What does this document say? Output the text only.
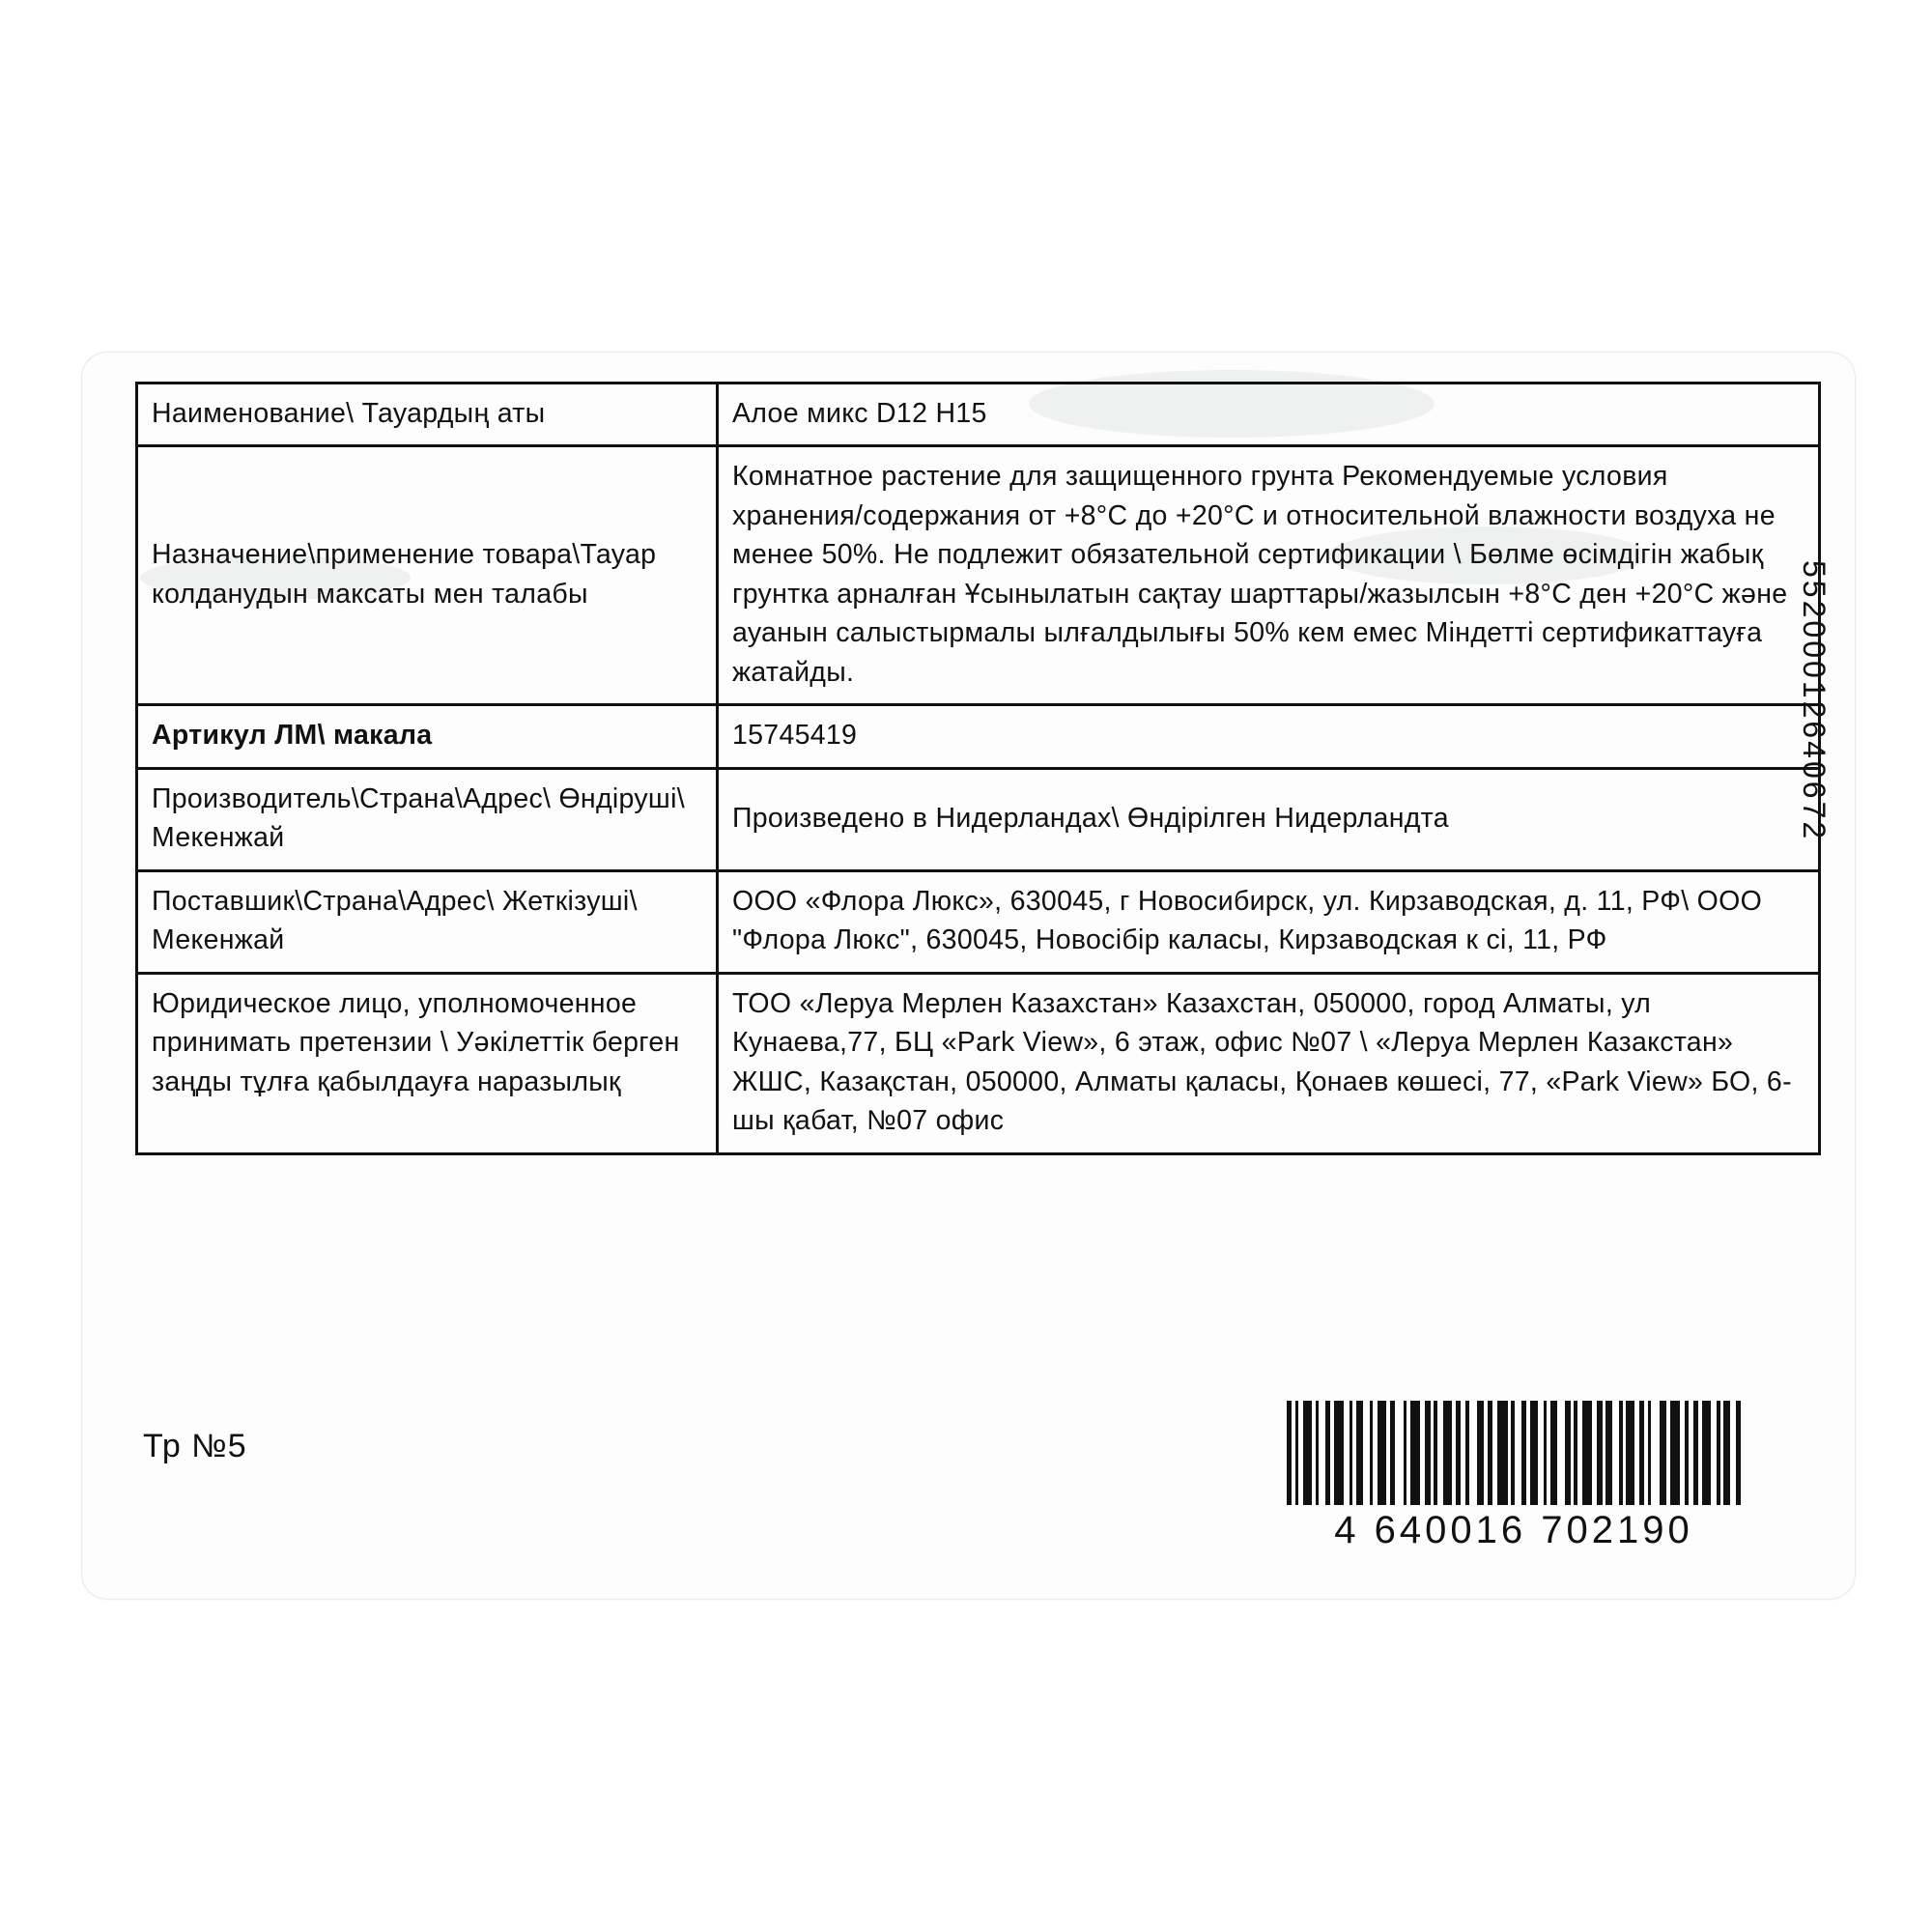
55200012640672
Наименование\ Тауардың аты	Алое микс D12 H15
Назначение\применение товара\Тауар колданудын максаты мен талабы	Комнатное растение для защищенного грунта Рекомендуемые условия хранения/содержания от +8°С до +20°С и относительной влажности воздуха не менее 50%. Не подлежит обязательной сертификации \ Бөлме өсімдігін жабық грунтка арналған Ұсынылатын сақтау шарттары/жазылсын +8°С ден +20°С және ауанын салыстырмалы ылғалдылығы 50% кем емес Міндетті сертификаттауға жатайды.
Артикул ЛМ\ макала	15745419
Производитель\Страна\Адрес\ Өндіруші\ Мекенжай	Произведено в Нидерландах\ Өндірілген Нидерландта
Поставшик\Страна\Адрес\ Жеткізуші\ Мекенжай	ООО «Флора Люкс», 630045, г Новосибирск, ул. Кирзаводская, д. 11, РФ\ ООО "Флора Люкс", 630045, Новосібір каласы, Кирзаводская к сі, 11, РФ
Юридическое лицо, уполномоченное принимать претензии \ Уәкілеттік берген заңды тұлға қабылдауға наразылық	ТОО «Леруа Мерлен Казахстан» Казахстан, 050000, город Алматы, ул Кунаева,77, БЦ «Park View», 6 этаж, офис №07 \ «Леруа Мерлен Казакстан» ЖШС, Казақстан, 050000, Алматы қаласы, Қонаев көшесі, 77, «Park View» БО, 6-шы қабат, №07 офис
Тр №5
4 640016 702190
